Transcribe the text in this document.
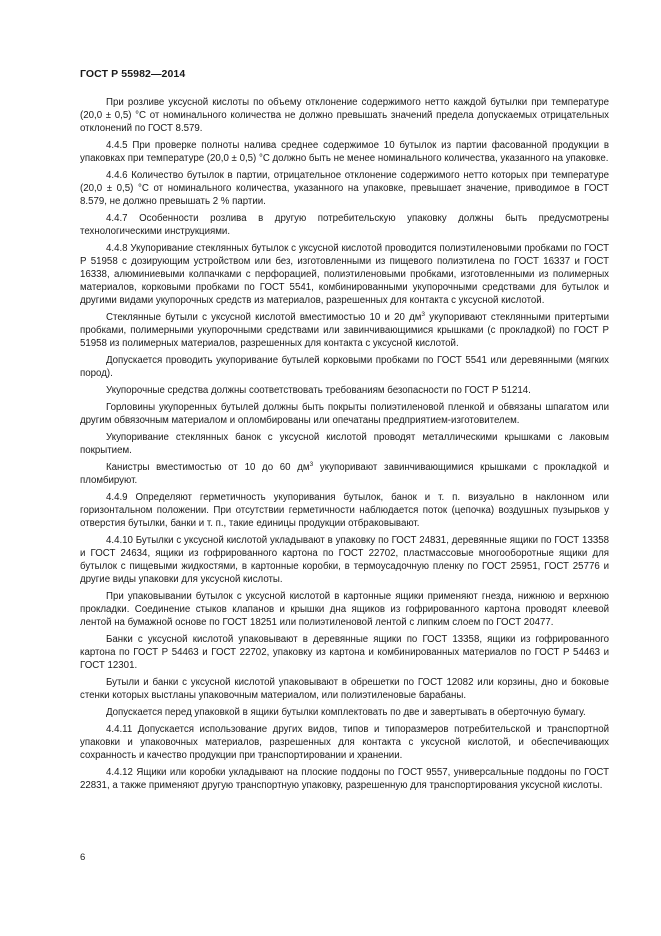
ГОСТ Р 55982—2014

При розливе уксусной кислоты по объему отклонение содержимого нетто каждой бутылки при температуре (20,0 ± 0,5) °С от номинального количества не должно превышать значений предела допускаемых отрицательных отклонений по ГОСТ 8.579.

4.4.5 При проверке полноты налива среднее содержимое 10 бутылок из партии фасованной продукции в упаковках при температуре (20,0 ± 0,5) °С должно быть не менее номинального количества, указанного на упаковке.

4.4.6 Количество бутылок в партии, отрицательное отклонение содержимого нетто которых при температуре (20,0 ± 0,5) °С от номинального количества, указанного на упаковке, превышает значение, приводимое в ГОСТ 8.579, не должно превышать 2 % партии.

4.4.7 Особенности розлива в другую потребительскую упаковку должны быть предусмотрены технологическими инструкциями.

4.4.8 Укупоривание стеклянных бутылок с уксусной кислотой проводится полиэтиленовыми пробками по ГОСТ Р 51958 с дозирующим устройством или без, изготовленными из пищевого полиэтилена по ГОСТ 16337 и ГОСТ 16338, алюминиевыми колпачками с перфорацией, полиэтиленовыми пробками, изготовленными из полимерных материалов, корковыми пробками по ГОСТ 5541, комбинированными укупорочными средствами для бутылок и другими видами укупорочных средств из материалов, разрешенных для контакта с уксусной кислотой.

Стеклянные бутыли с уксусной кислотой вместимостью 10 и 20 $дм^3$ укупоривают стеклянными притертыми пробками, полимерными укупорочными средствами или завинчивающимися крышками (с прокладкой) по ГОСТ Р 51958 из полимерных материалов, разрешенных для контакта с уксусной кислотой.

Допускается проводить укупоривание бутылей корковыми пробками по ГОСТ 5541 или деревянными (мягких пород).

Укупорочные средства должны соответствовать требованиям безопасности по ГОСТ Р 51214.

Горловины укупоренных бутылей должны быть покрыты полиэтиленовой пленкой и обвязаны шпагатом или другим обвязочным материалом и опломбированы или опечатаны предприятием-изготовителем.

Укупоривание стеклянных банок с уксусной кислотой проводят металлическими крышками с лаковым покрытием.

Канистры вместимостью от 10 до 60 $дм^3$ укупоривают завинчивающимися крышками с прокладкой и пломбируют.

4.4.9 Определяют герметичность укупоривания бутылок, банок и т. п. визуально в наклонном или горизонтальном положении. При отсутствии герметичности наблюдается поток (цепочка) воздушных пузырьков у отверстия бутылки, банки и т. п., такие единицы продукции отбраковывают.

4.4.10 Бутылки с уксусной кислотой укладывают в упаковку по ГОСТ 24831, деревянные ящики по ГОСТ 13358 и ГОСТ 24634, ящики из гофрированного картона по ГОСТ 22702, пластмассовые многооборотные ящики для бутылок с пищевыми жидкостями, в картонные коробки, в термоусадочную пленку по ГОСТ 25951, ГОСТ 25776 и другие виды упаковки для уксусной кислоты.

При упаковывании бутылок с уксусной кислотой в картонные ящики применяют гнезда, нижнюю и верхнюю прокладки. Соединение стыков клапанов и крышки дна ящиков из гофрированного картона проводят клеевой лентой на бумажной основе по ГОСТ 18251 или полиэтиленовой лентой с липким слоем по ГОСТ 20477.

Банки с уксусной кислотой упаковывают в деревянные ящики по ГОСТ 13358, ящики из гофрированного картона по ГОСТ Р 54463 и ГОСТ 22702, упаковку из картона и комбинированных материалов по ГОСТ Р 54463 и ГОСТ 12301.

Бутыли и банки с уксусной кислотой упаковывают в обрешетки по ГОСТ 12082 или корзины, дно и боковые стенки которых выстланы упаковочным материалом, или полиэтиленовые барабаны.

Допускается перед упаковкой в ящики бутылки комплектовать по две и завертывать в оберточную бумагу.

4.4.11 Допускается использование других видов, типов и типоразмеров потребительской и транспортной упаковки и упаковочных материалов, разрешенных для контакта с уксусной кислотой, и обеспечивающих сохранность и качество продукции при транспортировании и хранении.

4.4.12 Ящики или коробки укладывают на плоские поддоны по ГОСТ 9557, универсальные поддоны по ГОСТ 22831, а также применяют другую транспортную упаковку, разрешенную для транспортирования уксусной кислоты.

6
